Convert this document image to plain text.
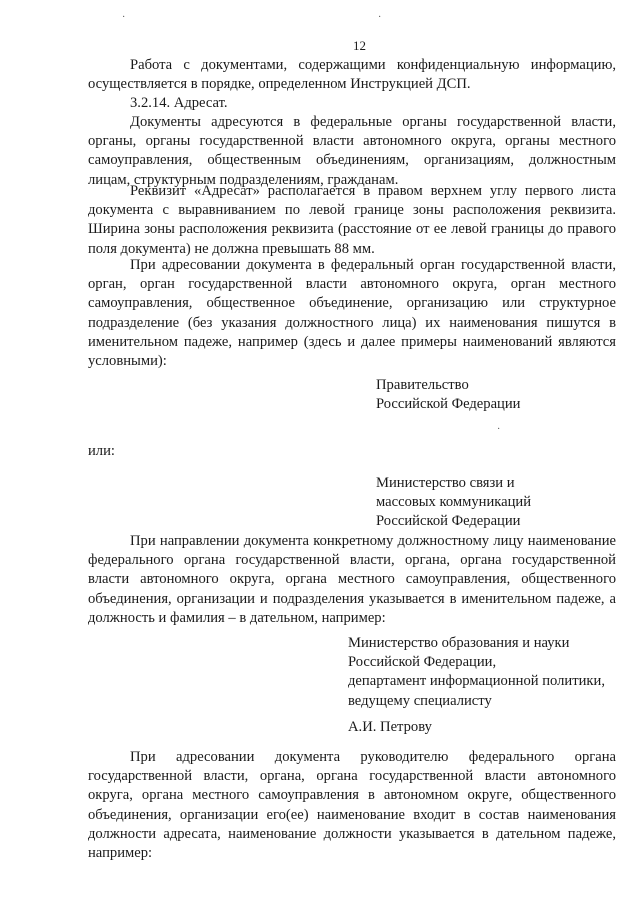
·	·
12

Работа с документами, содержащими конфиденциальную информацию, осуществляется в порядке, определенном Инструкцией ДСП.

3.2.14. Адресат.

Документы адресуются в федеральные органы государственной власти, органы, органы государственной власти автономного округа, органы местного самоуправления, общественным объединениям, организациям, должностным лицам, структурным подразделениям, гражданам.

Реквизит «Адресат» располагается в правом верхнем углу первого листа документа с выравниванием по левой границе зоны расположения реквизита. Ширина зоны расположения реквизита (расстояние от ее левой границы до правого поля документа) не должна превышать 88 мм.

При адресовании документа в федеральный орган государственной власти, орган, орган государственной власти автономного округа, орган местного самоуправления, общественное объединение, организацию или структурное подразделение (без указания должностного лица) их наименования пишутся в именительном падеже, например (здесь и далее примеры наименований являются условными):

Правительство
Российской Федерации
·

или:

Министерство связи и
массовых коммуникаций
Российской Федерации

При направлении документа конкретному должностному лицу наименование федерального органа государственной власти, органа, органа государственной власти автономного округа, органа местного самоуправления, общественного объединения, организации и подразделения указывается в именительном падеже, а должность и фамилия – в дательном, например:

Министерство образования и науки
Российской Федерации,
департамент информационной политики,
ведущему специалисту
А.И. Петрову

При адресовании документа руководителю федерального органа государственной власти, органа, органа государственной власти автономного округа, органа местного самоуправления в автономном округе, общественного объединения, организации его(ее) наименование входит в состав наименования должности адресата, наименование должности указывается в дательном падеже, например:
